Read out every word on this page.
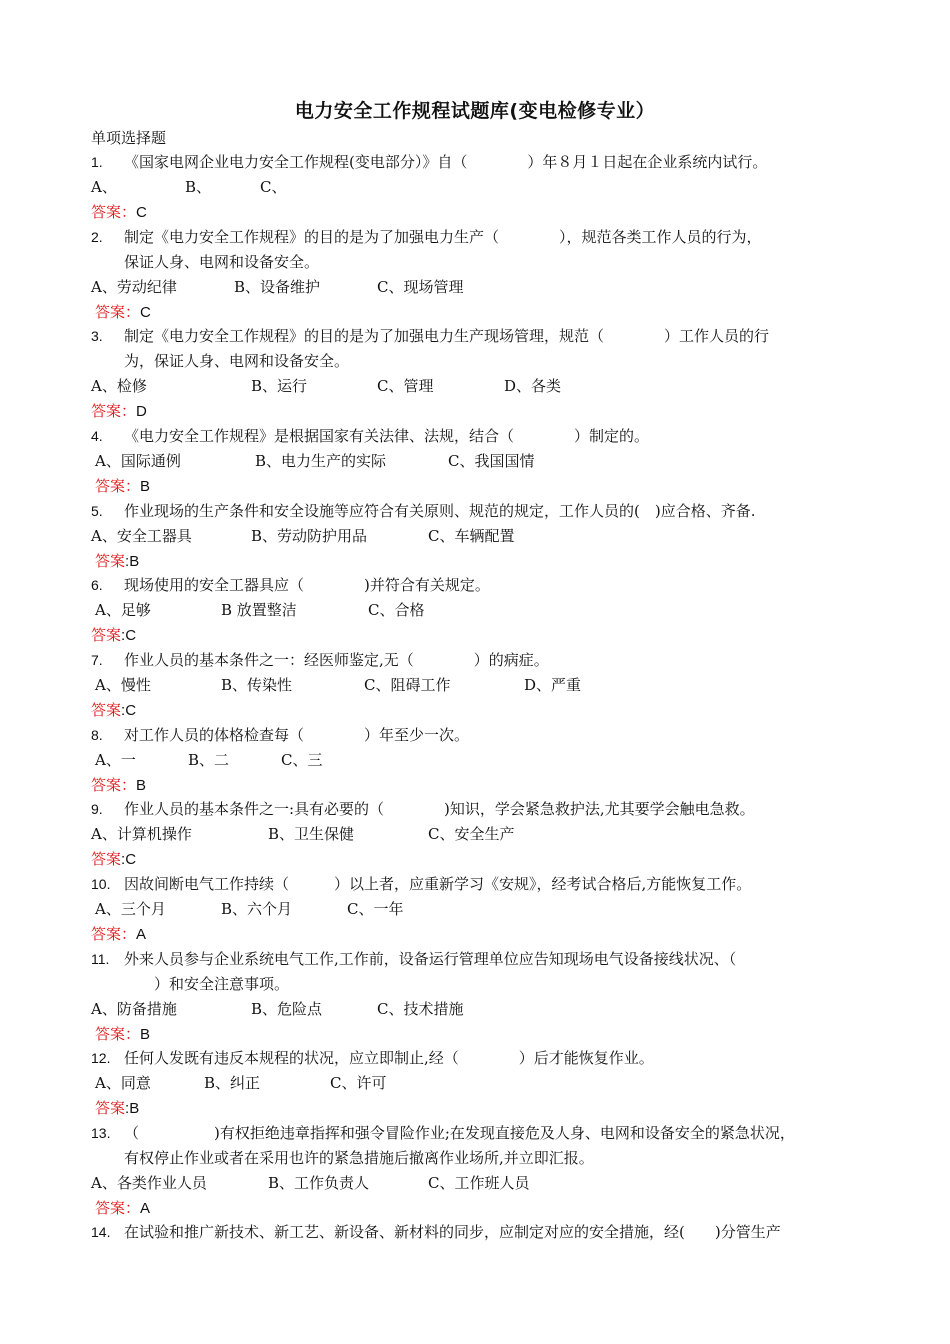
电力安全工作规程试题库(变电检修专业）
单项选择题
1. 《国家电网企业电力安全工作规程(变电部分）》自（　　　　）年８月１日起在企业系统内试行。
A、	B、	C、
答案：C
2. 制定《电力安全工作规程》的目的是为了加强电力生产（　　　　），规范各类工作人员的行为，
保证人身、电网和设备安全。
A、劳动纪律	B、设备维护	C、现场管理
答案：C
3. 制定《电力安全工作规程》的目的是为了加强电力生产现场管理，规范（　　　　）工作人员的行
为，保证人身、电网和设备安全。
A、检修	B、运行	C、管理	D、各类
答案：D
4. 《电力安全工作规程》是根据国家有关法律、法规，结合（　　　　）制定的。
A、国际通例	B、电力生产的实际	C、我国国情
答案：B
5. 作业现场的生产条件和安全设施等应符合有关原则、规范的规定，工作人员的(　)应合格、齐备.
A、安全工器具	B、劳动防护用品	C、车辆配置
答案:B
6. 现场使用的安全工器具应（　　　　)并符合有关规定。
A、足够	B 放置整洁	C、合格
答案:C
7. 作业人员的基本条件之一：经医师鉴定,无（　　　　）的病症。
A、慢性	B、传染性	C、阻碍工作	D、严重
答案:C
8. 对工作人员的体格检查每（　　　　）年至少一次。
A、一	B、二	C、三
答案：B
9. 作业人员的基本条件之一:具有必要的（　　　　)知识，学会紧急救护法,尤其要学会触电急救。
A、计算机操作	B、卫生保健	C、安全生产
答案:C
10. 因故间断电气工作持续（　　　）以上者，应重新学习《安规》，经考试合格后,方能恢复工作。
A、三个月	B、六个月	C、一年
答案：A
11. 外来人员参与企业系统电气工作,工作前，设备运行管理单位应告知现场电气设备接线状况、（
　　）和安全注意事项。
A、防备措施	B、危险点	C、技术措施
答案：B
12. 任何人发既有违反本规程的状况，应立即制止,经（　　　　）后才能恢复作业。
A、同意	B、纠正	C、许可
答案:B
13. （　　　　　)有权拒绝违章指挥和强令冒险作业;在发现直接危及人身、电网和设备安全的紧急状况，
有权停止作业或者在采用也许的紧急措施后撤离作业场所,并立即汇报。
A、各类作业人员	B、工作负责人	C、工作班人员
答案：A
14. 在试验和推广新技术、新工艺、新设备、新材料的同步，应制定对应的安全措施，经(　　)分管生产
